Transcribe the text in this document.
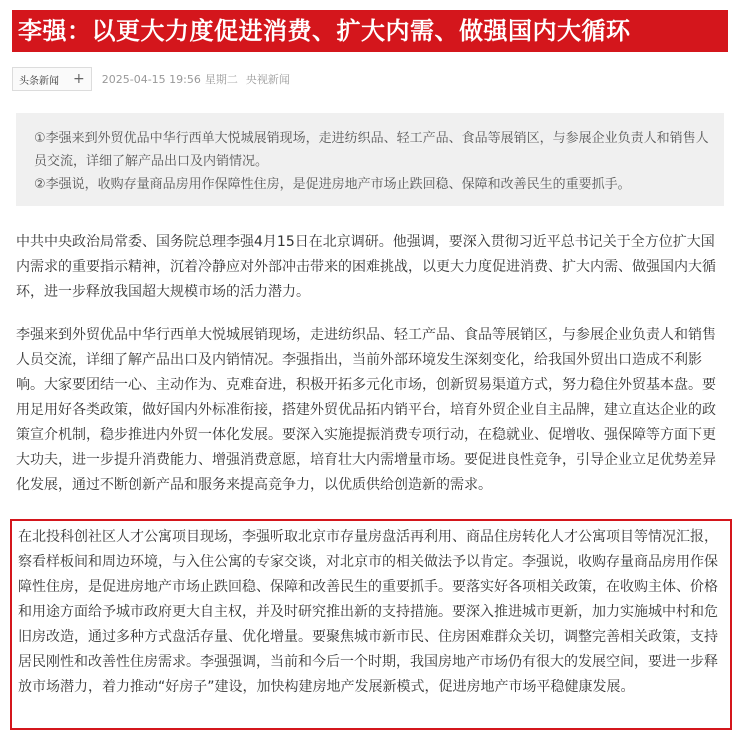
李强：以更大力度促进消费、扩大内需、做强国内大循环
头条新闻 + 2025-04-15 19:56 星期二 央视新闻

①李强来到外贸优品中华行西单大悦城展销现场，走进纺织品、轻工产品、食品等展销区，与参展企业负责人和销售人员交流，详细了解产品出口及内销情况。

②李强说，收购存量商品房用作保障性住房，是促进房地产市场止跌回稳、保障和改善民生的重要抓手。

中共中央政治局常委、国务院总理李强4月15日在北京调研。他强调，要深入贯彻习近平总书记关于全方位扩大国内需求的重要指示精神，沉着冷静应对外部冲击带来的困难挑战，以更大力度促进消费、扩大内需、做强国内大循环，进一步释放我国超大规模市场的活力潜力。

李强来到外贸优品中华行西单大悦城展销现场，走进纺织品、轻工产品、食品等展销区，与参展企业负责人和销售人员交流，详细了解产品出口及内销情况。李强指出，当前外部环境发生深刻变化，给我国外贸出口造成不利影响。大家要团结一心、主动作为、克难奋进，积极开拓多元化市场，创新贸易渠道方式，努力稳住外贸基本盘。要用足用好各类政策，做好国内外标准衔接，搭建外贸优品拓内销平台，培育外贸企业自主品牌，建立直达企业的政策宣介机制，稳步推进内外贸一体化发展。要深入实施提振消费专项行动，在稳就业、促增收、强保障等方面下更大功夫，进一步提升消费能力、增强消费意愿，培育壮大内需增量市场。要促进良性竞争，引导企业立足优势差异化发展，通过不断创新产品和服务来提高竞争力，以优质供给创造新的需求。

在北投科创社区人才公寓项目现场，李强听取北京市存量房盘活再利用、商品住房转化人才公寓项目等情况汇报，察看样板间和周边环境，与入住公寓的专家交谈，对北京市的相关做法予以肯定。李强说，收购存量商品房用作保障性住房，是促进房地产市场止跌回稳、保障和改善民生的重要抓手。要落实好各项相关政策，在收购主体、价格和用途方面给予城市政府更大自主权，并及时研究推出新的支持措施。要深入推进城市更新，加力实施城中村和危旧房改造，通过多种方式盘活存量、优化增量。要聚焦城市新市民、住房困难群众关切，调整完善相关政策，支持居民刚性和改善性住房需求。李强强调，当前和今后一个时期，我国房地产市场仍有很大的发展空间，要进一步释放市场潜力，着力推动“好房子”建设，加快构建房地产发展新模式，促进房地产市场平稳健康发展。
